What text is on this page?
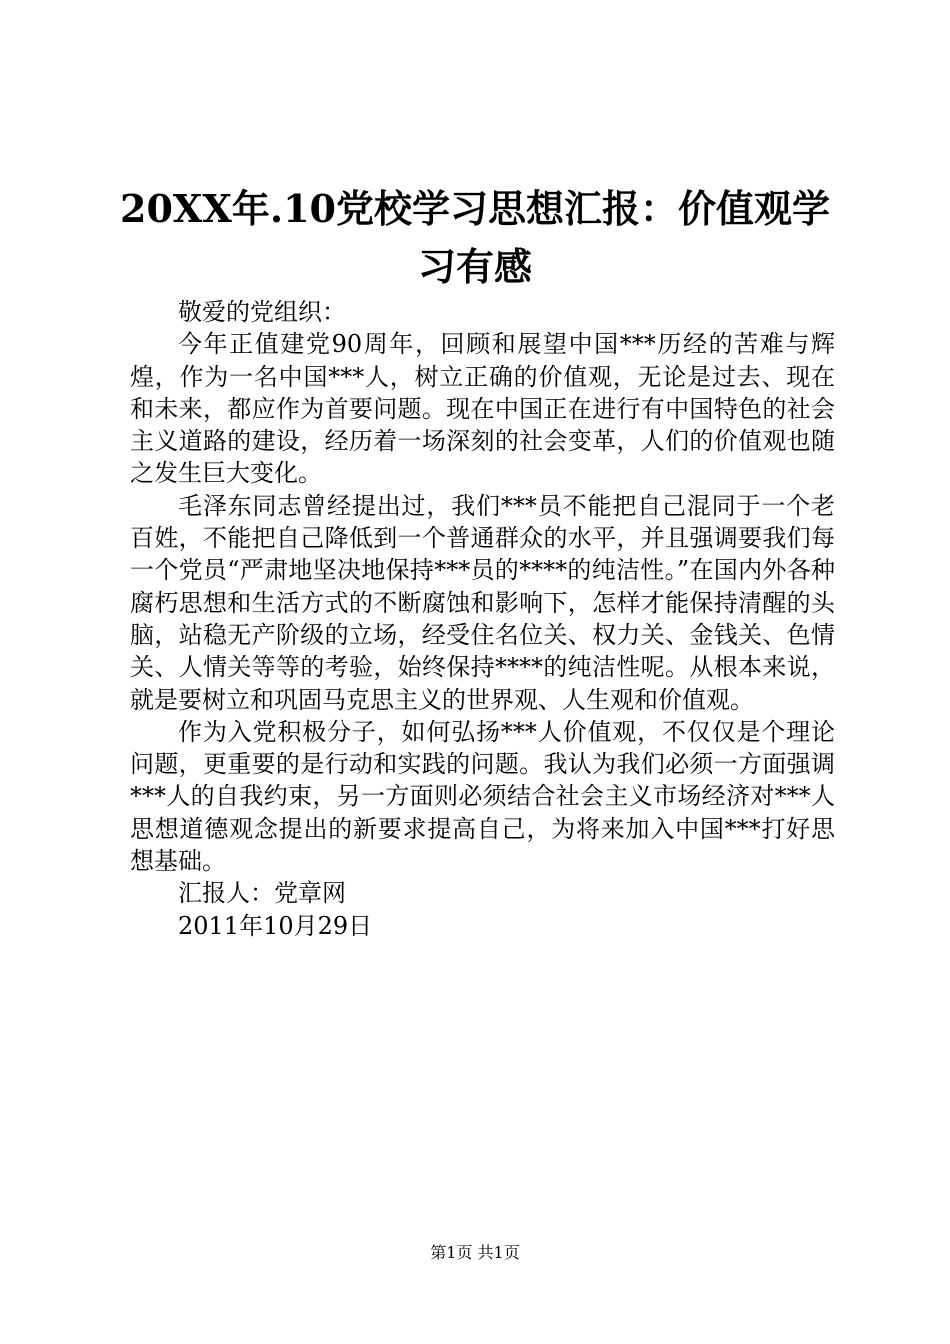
20XX年.10党校学习思想汇报：价值观学习有感

敬爱的党组织：

今年正值建党90周年，回顾和展望中国***历经的苦难与辉煌，作为一名中国***人，树立正确的价值观，无论是过去、现在和未来，都应作为首要问题。现在中国正在进行有中国特色的社会主义道路的建设，经历着一场深刻的社会变革，人们的价值观也随之发生巨大变化。

毛泽东同志曾经提出过，我们***员不能把自己混同于一个老百姓，不能把自己降低到一个普通群众的水平，并且强调要我们每一个党员“严肃地坚决地保持***员的****的纯洁性。”在国内外各种腐朽思想和生活方式的不断腐蚀和影响下，怎样才能保持清醒的头脑，站稳无产阶级的立场，经受住名位关、权力关、金钱关、色情关、人情关等等的考验，始终保持****的纯洁性呢。从根本来说，就是要树立和巩固马克思主义的世界观、人生观和价值观。

作为入党积极分子，如何弘扬***人价值观，不仅仅是个理论问题，更重要的是行动和实践的问题。我认为我们必须一方面强调***人的自我约束，另一方面则必须结合社会主义市场经济对***人思想道德观念提出的新要求提高自己，为将来加入中国***打好思想基础。

汇报人：党章网

2011年10月29日

第1页 共1页
